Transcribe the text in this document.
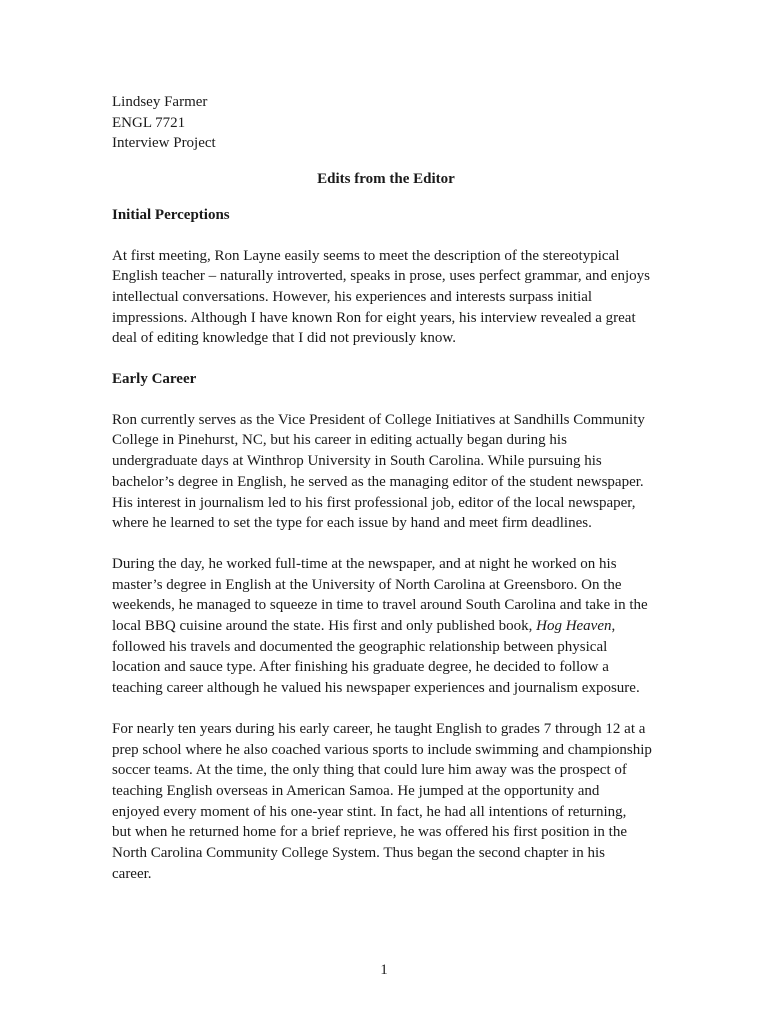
Lindsey Farmer
ENGL 7721
Interview Project
Edits from the Editor
Initial Perceptions

At first meeting, Ron Layne easily seems to meet the description of the stereotypical
English teacher – naturally introverted, speaks in prose, uses perfect grammar, and enjoys
intellectual conversations. However, his experiences and interests surpass initial
impressions. Although I have known Ron for eight years, his interview revealed a great
deal of editing knowledge that I did not previously know.

Early Career

Ron currently serves as the Vice President of College Initiatives at Sandhills Community
College in Pinehurst, NC, but his career in editing actually began during his
undergraduate days at Winthrop University in South Carolina. While pursuing his
bachelor’s degree in English, he served as the managing editor of the student newspaper.
His interest in journalism led to his first professional job, editor of the local newspaper,
where he learned to set the type for each issue by hand and meet firm deadlines.

During the day, he worked full-time at the newspaper, and at night he worked on his
master’s degree in English at the University of North Carolina at Greensboro. On the
weekends, he managed to squeeze in time to travel around South Carolina and take in the
local BBQ cuisine around the state. His first and only published book, Hog Heaven,
followed his travels and documented the geographic relationship between physical
location and sauce type. After finishing his graduate degree, he decided to follow a
teaching career although he valued his newspaper experiences and journalism exposure.

For nearly ten years during his early career, he taught English to grades 7 through 12 at a
prep school where he also coached various sports to include swimming and championship
soccer teams. At the time, the only thing that could lure him away was the prospect of
teaching English overseas in American Samoa. He jumped at the opportunity and
enjoyed every moment of his one-year stint. In fact, he had all intentions of returning,
but when he returned home for a brief reprieve, he was offered his first position in the
North Carolina Community College System. Thus began the second chapter in his
career.

1
